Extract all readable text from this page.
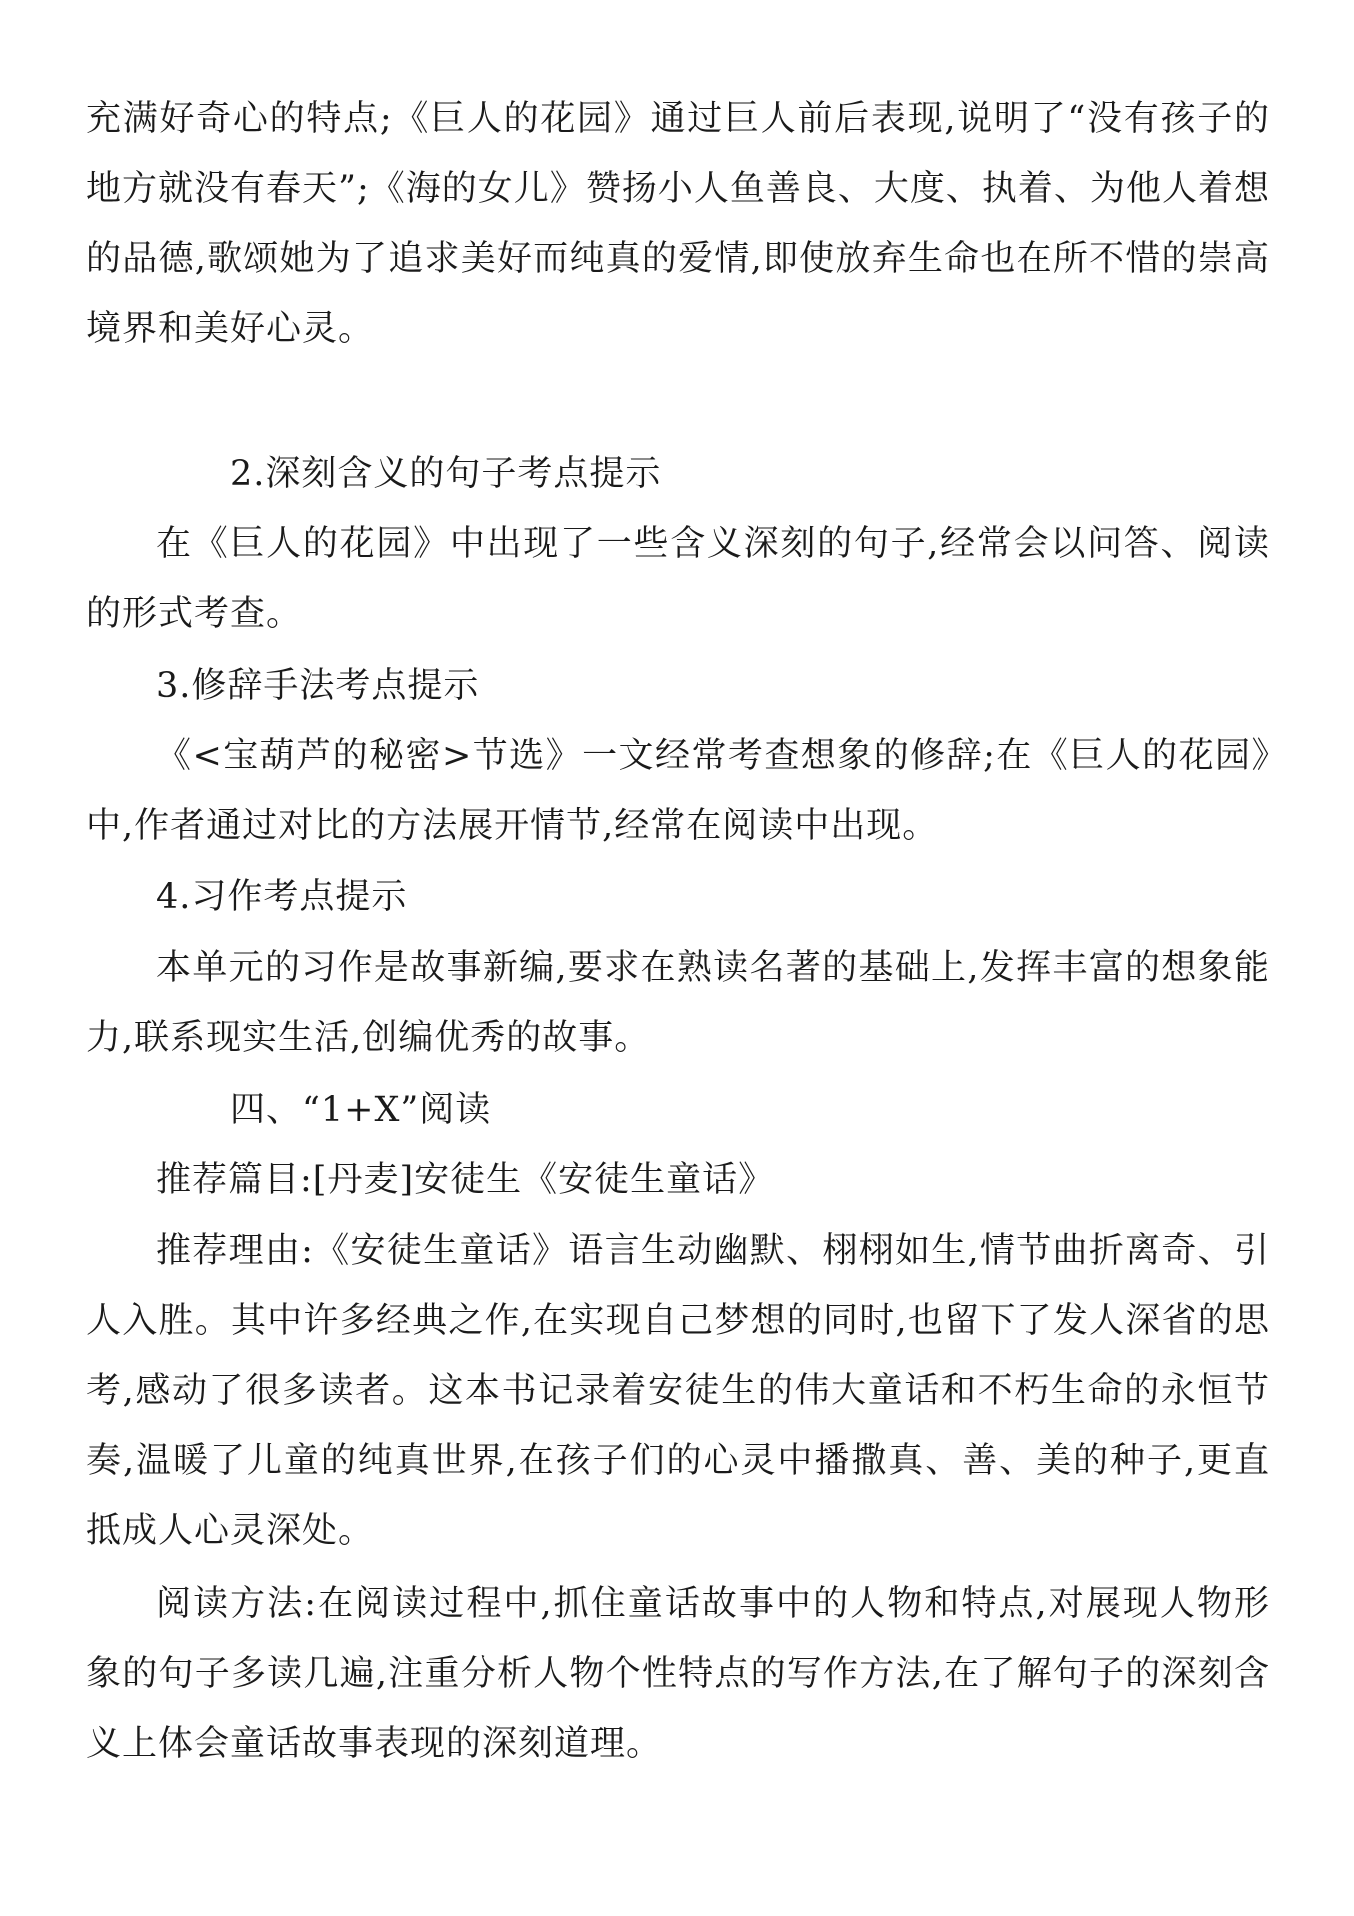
充满好奇心的特点;《巨人的花园》通过巨人前后表现,说明了“没有孩子的地方就没有春天”;《海的女儿》赞扬小人鱼善良、大度、执着、为他人着想的品德,歌颂她为了追求美好而纯真的爱情,即使放弃生命也在所不惜的崇高境界和美好心灵。

2.深刻含义的句子考点提示

在《巨人的花园》中出现了一些含义深刻的句子,经常会以问答、阅读的形式考查。

3.修辞手法考点提示

《<宝葫芦的秘密>节选》一文经常考查想象的修辞;在《巨人的花园》中,作者通过对比的方法展开情节,经常在阅读中出现。

4.习作考点提示

本单元的习作是故事新编,要求在熟读名著的基础上,发挥丰富的想象能力,联系现实生活,创编优秀的故事。

四、“1+X”阅读

推荐篇目:[丹麦]安徒生《安徒生童话》

推荐理由:《安徒生童话》语言生动幽默、栩栩如生,情节曲折离奇、引人入胜。其中许多经典之作,在实现自己梦想的同时,也留下了发人深省的思考,感动了很多读者。这本书记录着安徒生的伟大童话和不朽生命的永恒节奏,温暖了儿童的纯真世界,在孩子们的心灵中播撒真、善、美的种子,更直抵成人心灵深处。

阅读方法:在阅读过程中,抓住童话故事中的人物和特点,对展现人物形象的句子多读几遍,注重分析人物个性特点的写作方法,在了解句子的深刻含义上体会童话故事表现的深刻道理。
